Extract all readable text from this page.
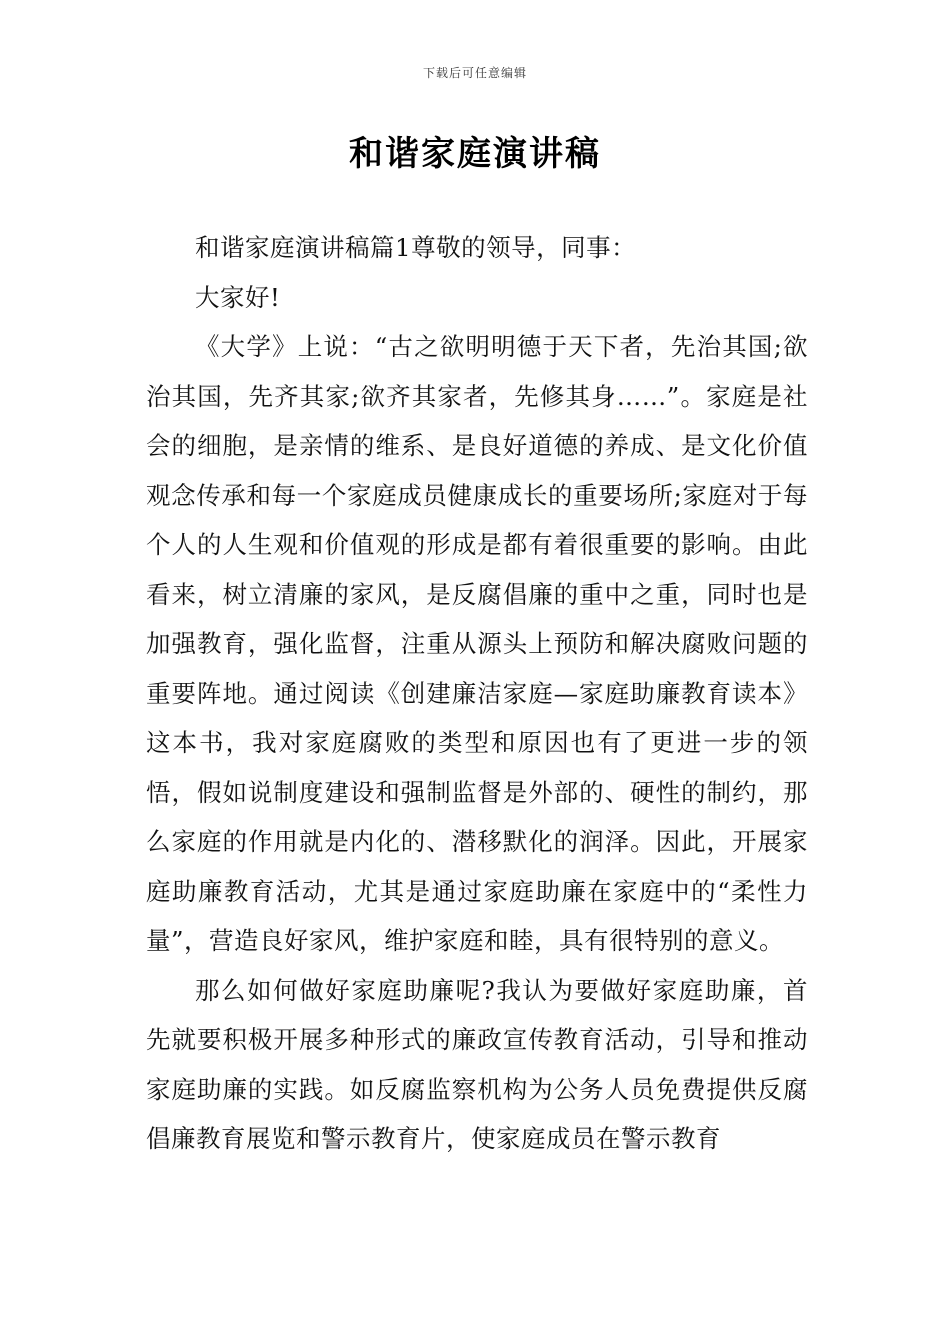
下载后可任意编辑
和谐家庭演讲稿

和谐家庭演讲稿篇1尊敬的领导，同事：

大家好!

《大学》上说：“古之欲明明德于天下者，先治其国;欲治其国，先齐其家;欲齐其家者，先修其身……”。家庭是社会的细胞，是亲情的维系、是良好道德的养成、是文化价值观念传承和每一个家庭成员健康成长的重要场所;家庭对于每个人的人生观和价值观的形成是都有着很重要的影响。由此看来，树立清廉的家风，是反腐倡廉的重中之重，同时也是加强教育，强化监督，注重从源头上预防和解决腐败问题的重要阵地。通过阅读《创建廉洁家庭—家庭助廉教育读本》这本书，我对家庭腐败的类型和原因也有了更进一步的领悟，假如说制度建设和强制监督是外部的、硬性的制约，那么家庭的作用就是内化的、潜移默化的润泽。因此，开展家庭助廉教育活动，尤其是通过家庭助廉在家庭中的“柔性力量”，营造良好家风，维护家庭和睦，具有很特别的意义。

那么如何做好家庭助廉呢?我认为要做好家庭助廉，首先就要积极开展多种形式的廉政宣传教育活动，引导和推动家庭助廉的实践。如反腐监察机构为公务人员免费提供反腐倡廉教育展览和警示教育片，使家庭成员在警示教育
